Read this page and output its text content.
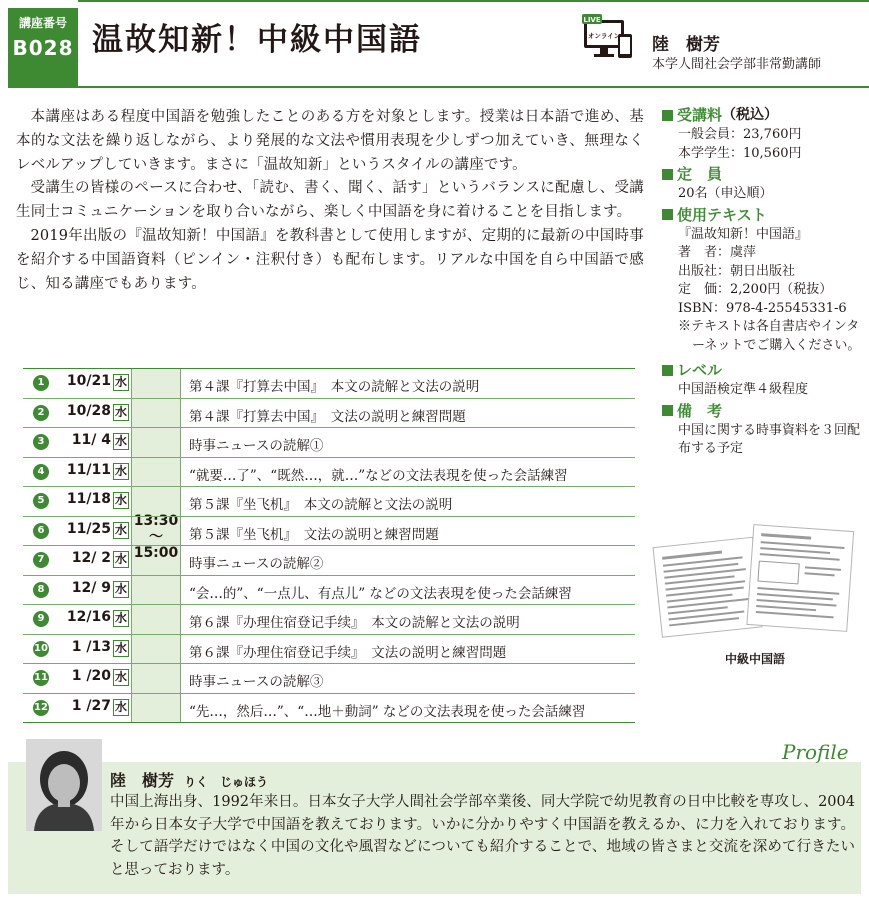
講座番号
B028 温故知新！中級中国語
LIVE
オンライン 陸　樹芳
本学人間社会学部非常勤講師

本講座はある程度中国語を勉強したことのある方を対象とします。授業は日本語で進め、基本的な文法を繰り返しながら、より発展的な文法や慣用表現を少しずつ加えていき、無理なくレベルアップしていきます。まさに「温故知新」というスタイルの講座です。

受講生の皆様のペースに合わせ、「読む、書く、聞く、話す」というバランスに配慮し、受講生同士コミュニケーションを取り合いながら、楽しく中国語を身に着けることを目指します。

2019年出版の『温故知新！中国語』を教科書として使用しますが、定期的に最新の中国時事を紹介する中国語資料（ピンイン・注釈付き）も配布します。リアルな中国を自ら中国語で感じ、知る講座でもあります。

受講料 （税込）
一般会員：23,760円
本学学生：10,560円
定　員
20名（申込順）
使用テキスト
『温故知新！中国語』
著　者：虞萍
出版社：朝日出版社
定　価：2,200円（税抜）
ISBN：978-4-25545331-6
※テキストは各自書店やインターネットでご購入ください。
レベル
中国語検定準４級程度
備　考
中国に関する時事資料を３回配布する予定
13:30
〜
15:00
1	10/21 水	第４課『打算去中国』　本文の読解と文法の説明
2	10/28 水	第４課『打算去中国』　文法の説明と練習問題
3	11/ 4 水	時事ニュースの読解①
4	11/11 水	“就要…了”、“既然…，就…”などの文法表現を使った会話練習
5	11/18 水	第５課『坐飞机』　本文の読解と文法の説明
6	11/25 水	第５課『坐飞机』　文法の説明と練習問題
7	12/ 2 水	時事ニュースの読解②
8	12/ 9 水	“会…的”、“一点儿、有点儿” などの文法表現を使った会話練習
9	12/16 水	第６課『办理住宿登记手续』　本文の読解と文法の説明
10	1 /13 水	第６課『办理住宿登记手续』　文法の説明と練習問題
11	1 /20 水	時事ニュースの読解③
12	1 /27 水	“先…，然后…”、“…地＋動詞” などの文法表現を使った会話練習
中級中国語
Profile
陸　樹芳 りく　じゅほう
中国上海出身、1992年来日。日本女子大学人間社会学部卒業後、同大学院で幼児教育の日中比較を専攻し、2004年から日本女子大学で中国語を教えております。いかに分かりやすく中国語を教えるか、に力を入れております。そして語学だけではなく中国の文化や風習などについても紹介することで、地域の皆さまと交流を深めて行きたいと思っております。
